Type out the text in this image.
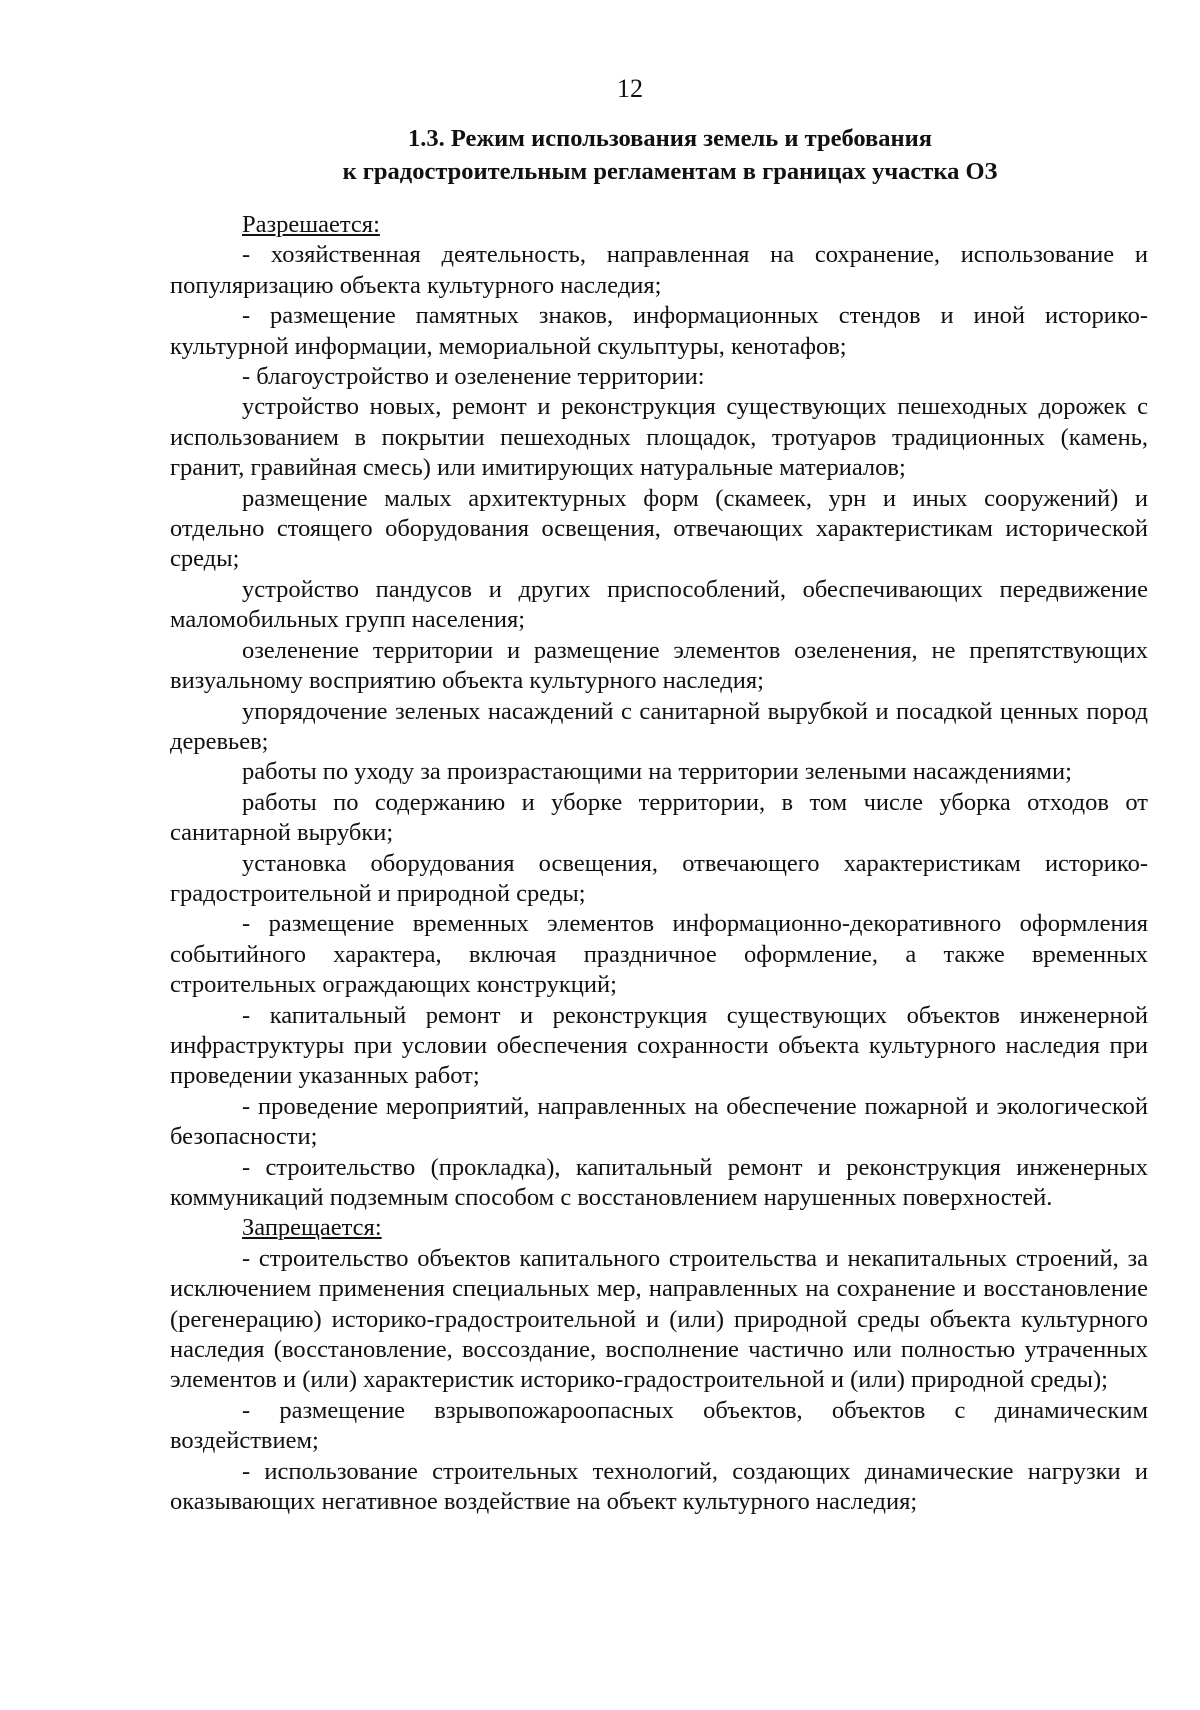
12
1.3. Режим использования земель и требования
к градостроительным регламентам в границах участка ОЗ

Разрешается:

- хозяйственная деятельность, направленная на сохранение, использование и популяризацию объекта культурного наследия;

- размещение памятных знаков, информационных стендов и иной историко-культурной информации, мемориальной скульптуры, кенотафов;

- благоустройство и озеленение территории:

устройство новых, ремонт и реконструкция существующих пешеходных дорожек с использованием в покрытии пешеходных площадок, тротуаров традиционных (камень, гранит, гравийная смесь) или имитирующих натуральные материалов;

размещение малых архитектурных форм (скамеек, урн и иных сооружений) и отдельно стоящего оборудования освещения, отвечающих характеристикам исторической среды;

устройство пандусов и других приспособлений, обеспечивающих передвижение маломобильных групп населения;

озеленение территории и размещение элементов озеленения, не препятствующих визуальному восприятию объекта культурного наследия;

упорядочение зеленых насаждений с санитарной вырубкой и посадкой ценных пород деревьев;

работы по уходу за произрастающими на территории зелеными насаждениями;

работы по содержанию и уборке территории, в том числе уборка отходов от санитарной вырубки;

установка оборудования освещения, отвечающего характеристикам историко-градостроительной и природной среды;

- размещение временных элементов информационно-декоративного оформления событийного характера, включая праздничное оформление, а также временных строительных ограждающих конструкций;

- капитальный ремонт и реконструкция существующих объектов инженерной инфраструктуры при условии обеспечения сохранности объекта культурного наследия при проведении указанных работ;

- проведение мероприятий, направленных на обеспечение пожарной и экологической безопасности;

- строительство (прокладка), капитальный ремонт и реконструкция инженерных коммуникаций подземным способом с восстановлением нарушенных поверхностей.

Запрещается:

- строительство объектов капитального строительства и некапитальных строений, за исключением применения специальных мер, направленных на сохранение и восстановление (регенерацию) историко-градостроительной и (или) природной среды объекта культурного наследия (восстановление, воссоздание, восполнение частично или полностью утраченных элементов и (или) характеристик историко-градостроительной и (или) природной среды);

- размещение взрывопожароопасных объектов, объектов с динамическим воздействием;

- использование строительных технологий, создающих динамические нагрузки и оказывающих негативное воздействие на объект культурного наследия;
